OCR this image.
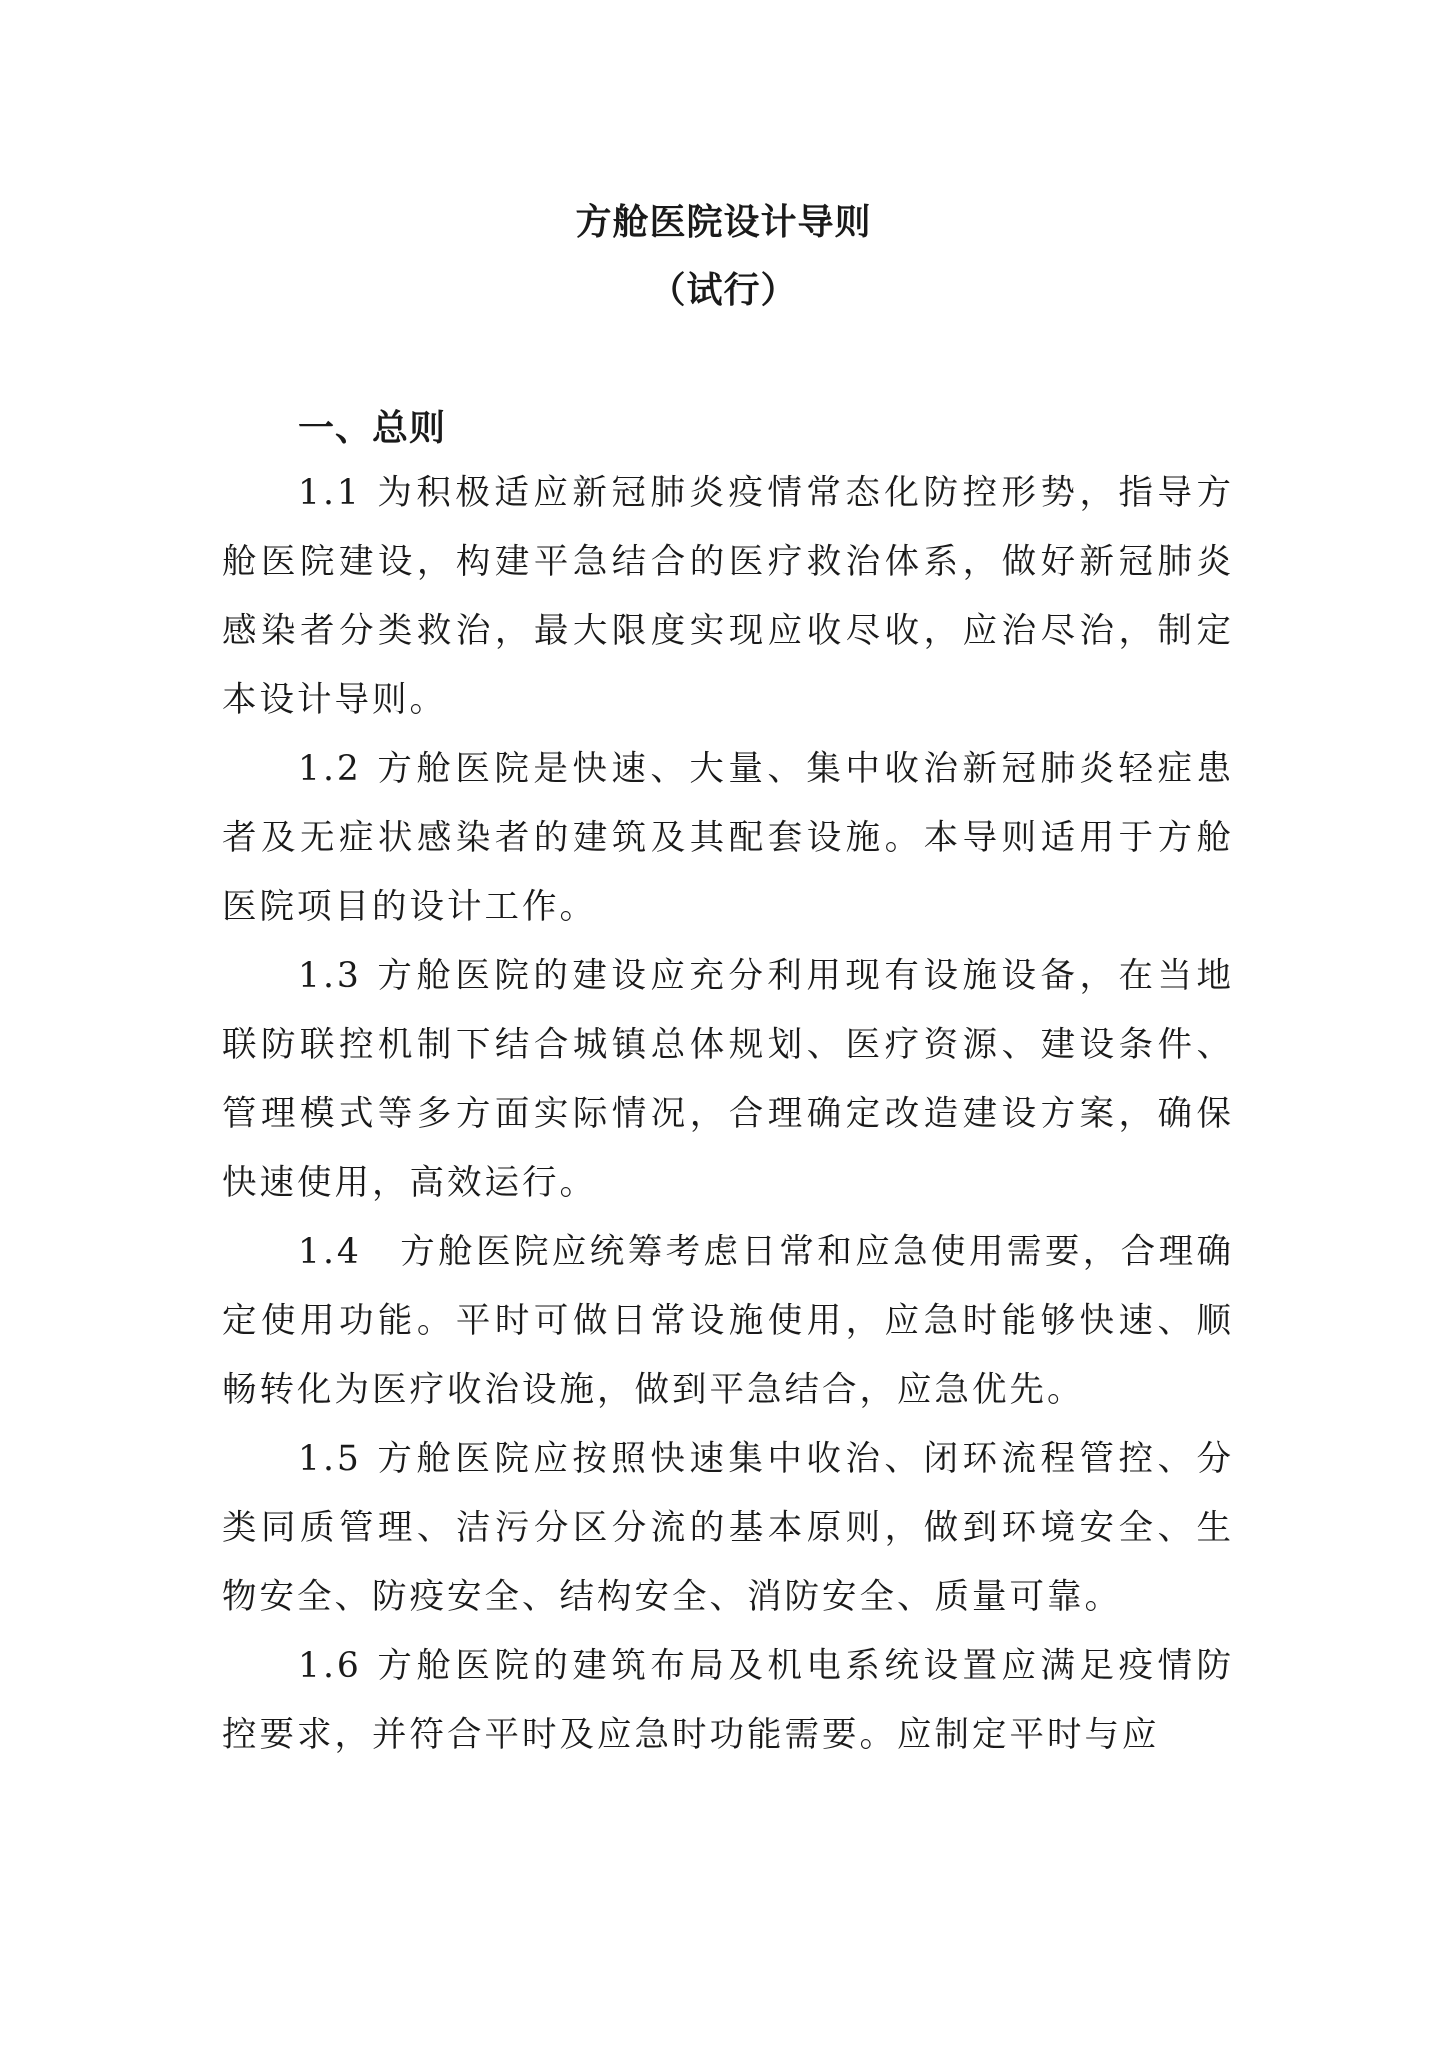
方舱医院设计导则
（试行）
一、总则

1.1 为积极适应新冠肺炎疫情常态化防控形势，指导方舱医院建设，构建平急结合的医疗救治体系，做好新冠肺炎感染者分类救治，最大限度实现应收尽收，应治尽治，制定本设计导则。

1.2 方舱医院是快速、大量、集中收治新冠肺炎轻症患者及无症状感染者的建筑及其配套设施。本导则适用于方舱医院项目的设计工作。

1.3 方舱医院的建设应充分利用现有设施设备，在当地联防联控机制下结合城镇总体规划、医疗资源、建设条件、管理模式等多方面实际情况，合理确定改造建设方案，确保快速使用，高效运行。

1.4　方舱医院应统筹考虑日常和应急使用需要，合理确定使用功能。平时可做日常设施使用，应急时能够快速、顺畅转化为医疗收治设施，做到平急结合，应急优先。

1.5 方舱医院应按照快速集中收治、闭环流程管控、分类同质管理、洁污分区分流的基本原则，做到环境安全、生物安全、防疫安全、结构安全、消防安全、质量可靠。

1.6 方舱医院的建筑布局及机电系统设置应满足疫情防控要求，并符合平时及应急时功能需要。应制定平时与应
